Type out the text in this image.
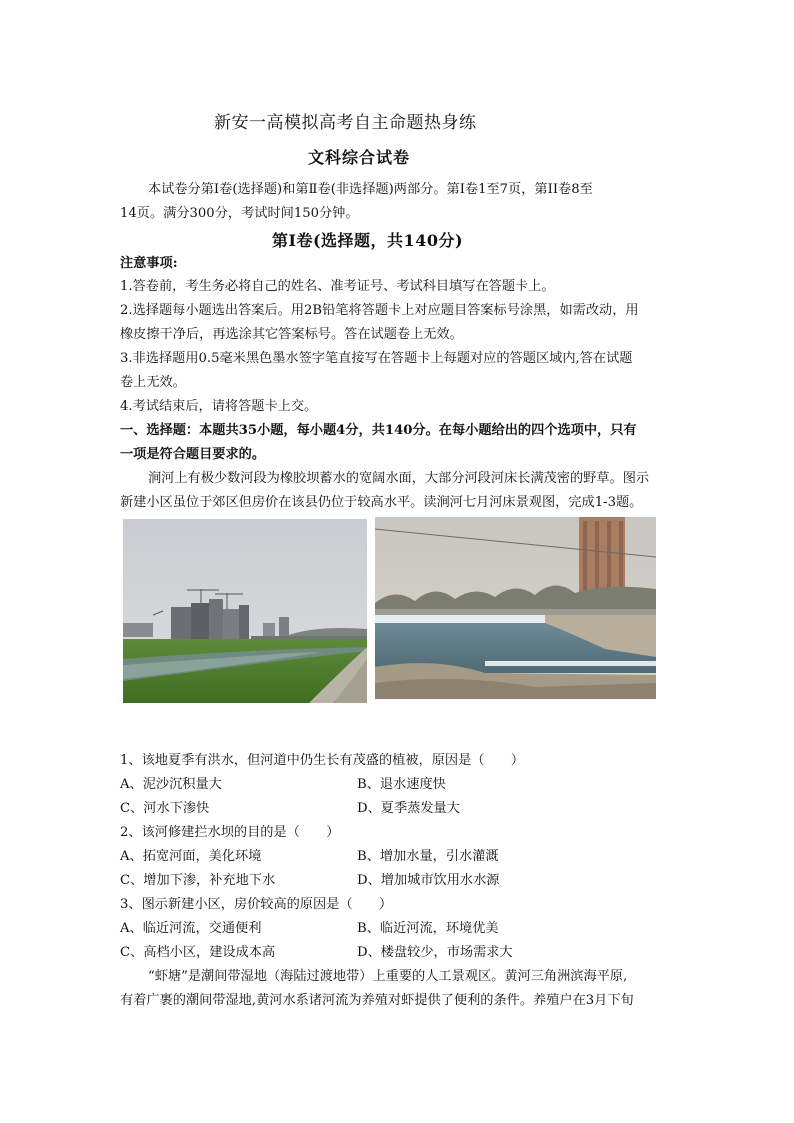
新安一高模拟高考自主命题热身练
文科综合试卷
本试卷分第Ⅰ卷(选择题)和第Ⅱ卷(非选择题)两部分。第Ⅰ卷1至7页，第II卷8至
14页。满分300分，考试时间150分钟。
第Ⅰ卷(选择题，共140分)
注意事项:
1.答卷前，考生务必将自己的姓名、准考证号、考试科目填写在答题卡上。
2.选择题每小题选出答案后。用2B铅笔将答题卡上对应题目答案标号涂黑，如需改动，用
橡皮擦干净后，再选涂其它答案标号。答在试题卷上无效。
3.非选择题用0.5毫米黑色墨水签字笔直接写在答题卡上每题对应的答题区域内,答在试题
卷上无效。
4.考试结束后，请将答题卡上交。
一、选择题：本题共35小题，每小题4分，共140分。在每小题给出的四个选项中，只有
一项是符合题目要求的。
涧河上有极少数河段为橡胶坝蓄水的宽阔水面，大部分河段河床长满茂密的野草。图示
新建小区虽位于郊区但房价在该县仍位于较高水平。读涧河七月河床景观图，完成1-3题。
1、该地夏季有洪水，但河道中仍生长有茂盛的植被，原因是（　　）
A、泥沙沉积量大	B、退水速度快
C、河水下渗快	D、夏季蒸发量大
2、该河修建拦水坝的目的是（　　）
A、拓宽河面，美化环境	B、增加水量，引水灌溉
C、增加下渗，补充地下水	D、增加城市饮用水水源
3、图示新建小区，房价较高的原因是（　　）
A、临近河流，交通便利	B、临近河流，环境优美
C、高档小区，建设成本高	D、楼盘较少，市场需求大
“虾塘”是潮间带湿地（海陆过渡地带）上重要的人工景观区。黄河三角洲滨海平原,
有着广裹的潮间带湿地,黄河水系诸河流为养殖对虾提供了便利的条件。养殖户在3月下旬
